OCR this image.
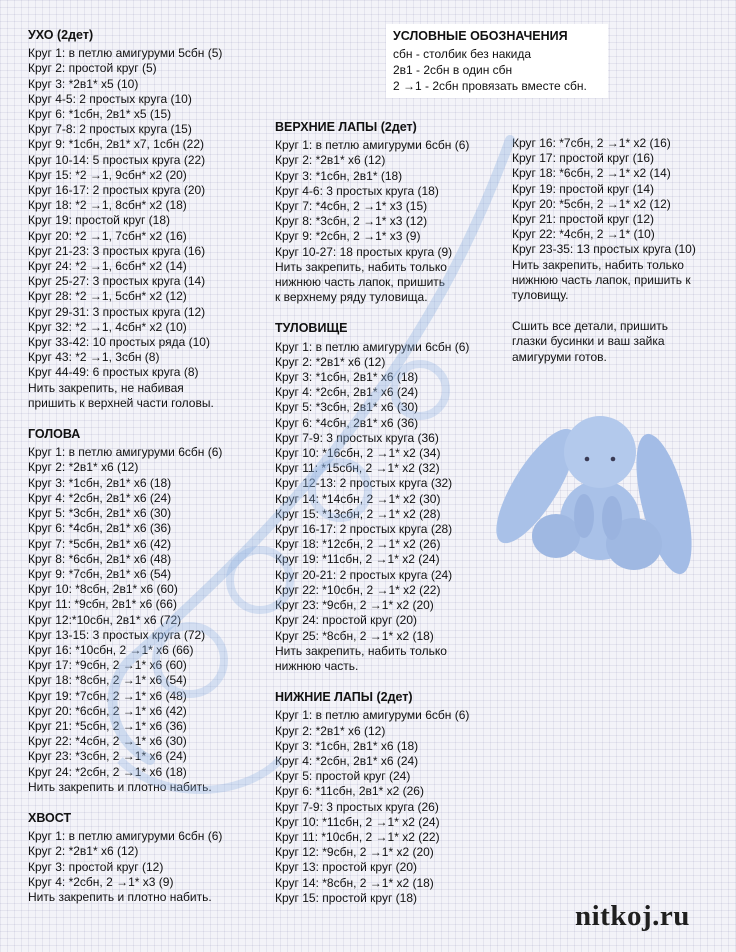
УХО (2дет)
Круг 1: в петлю амигуруми 5сбн (5)
Круг 2: простой круг (5)
Круг 3: *2в1* х5 (10)
Круг 4-5: 2 простых круга (10)
Круг 6: *1сбн, 2в1* х5 (15)
Круг 7-8: 2 простых круга (15)
Круг 9: *1сбн, 2в1* х7, 1сбн (22)
Круг 10-14: 5 простых круга (22)
Круг 15: *2 →1, 9сбн* х2 (20)
Круг 16-17: 2 простых круга (20)
Круг 18: *2 →1, 8сбн* х2 (18)
Круг 19: простой круг (18)
Круг 20: *2 →1, 7сбн* х2 (16)
Круг 21-23: 3 простых круга (16)
Круг 24: *2 →1, 6сбн* х2 (14)
Круг 25-27: 3 простых круга (14)
Круг 28: *2 →1, 5сбн* х2 (12)
Круг 29-31: 3 простых круга (12)
Круг 32: *2 →1, 4сбн* х2 (10)
Круг 33-42: 10 простых ряда (10)
Круг 43: *2 →1, 3сбн (8)
Круг 44-49: 6 простых круга (8)
Нить закрепить, не набивая
пришить к верхней части головы.
ГОЛОВА
Круг 1: в петлю амигуруми 6сбн (6)
Круг 2: *2в1* х6 (12)
Круг 3: *1сбн, 2в1* х6 (18)
Круг 4: *2сбн, 2в1* х6 (24)
Круг 5: *3сбн, 2в1* х6 (30)
Круг 6: *4сбн, 2в1* х6 (36)
Круг 7: *5сбн, 2в1* х6 (42)
Круг 8: *6сбн, 2в1* х6 (48)
Круг 9: *7сбн, 2в1* х6 (54)
Круг 10: *8сбн, 2в1* х6 (60)
Круг 11: *9сбн, 2в1* х6 (66)
Круг 12:*10сбн, 2в1* х6 (72)
Круг 13-15: 3 простых круга (72)
Круг 16: *10сбн, 2 →1* х6 (66)
Круг 17: *9сбн, 2 →1* х6 (60)
Круг 18: *8сбн, 2 →1* х6 (54)
Круг 19: *7сбн, 2 →1* х6 (48)
Круг 20: *6сбн, 2 →1* х6 (42)
Круг 21: *5сбн, 2 →1* х6 (36)
Круг 22: *4сбн, 2 →1* х6 (30)
Круг 23: *3сбн, 2 →1* х6 (24)
Круг 24: *2сбн, 2 →1* х6 (18)
Нить закрепить и плотно набить.
ХВОСТ
Круг 1: в петлю амигуруми 6сбн (6)
Круг 2: *2в1* х6 (12)
Круг 3: простой круг (12)
Круг 4: *2сбн, 2 →1* х3 (9)
Нить закрепить и плотно набить.
УСЛОВНЫЕ ОБОЗНАЧЕНИЯ
сбн - столбик без накида
2в1 - 2сбн в один сбн
2 →1 - 2сбн провязать вместе сбн.
ВЕРХНИЕ ЛАПЫ (2дет)
Круг 1: в петлю амигуруми 6сбн (6)
Круг 2: *2в1* х6 (12)
Круг 3: *1сбн, 2в1* (18)
Круг 4-6: 3 простых круга (18)
Круг 7: *4сбн, 2 →1* х3 (15)
Круг 8: *3сбн, 2 →1* х3 (12)
Круг 9: *2сбн, 2 →1* х3 (9)
Круг 10-27: 18 простых круга (9)
Нить закрепить, набить только
нижнюю часть лапок, пришить
к верхнему ряду туловища.
ТУЛОВИЩЕ
Круг 1: в петлю амигуруми 6сбн (6)
Круг 2: *2в1* х6 (12)
Круг 3: *1сбн, 2в1* х6 (18)
Круг 4: *2сбн, 2в1* х6 (24)
Круг 5: *3сбн, 2в1* х6 (30)
Круг 6: *4сбн, 2в1* х6 (36)
Круг 7-9: 3 простых круга (36)
Круг 10: *16сбн, 2 →1* х2 (34)
Круг 11: *15сбн, 2 →1* х2 (32)
Круг 12-13: 2 простых круга (32)
Круг 14: *14сбн, 2 →1* х2 (30)
Круг 15: *13сбн, 2 →1* х2 (28)
Круг 16-17: 2 простых круга (28)
Круг 18: *12сбн, 2 →1* х2 (26)
Круг 19: *11сбн, 2 →1* х2 (24)
Круг 20-21: 2 простых круга (24)
Круг 22: *10сбн, 2 →1* х2 (22)
Круг 23: *9сбн, 2 →1* х2 (20)
Круг 24: простой круг (20)
Круг 25: *8сбн, 2 →1* х2 (18)
Нить закрепить, набить только
нижнюю часть.
НИЖНИЕ ЛАПЫ (2дет)
Круг 1: в петлю амигуруми 6сбн (6)
Круг 2: *2в1* х6 (12)
Круг 3: *1сбн, 2в1* х6 (18)
Круг 4: *2сбн, 2в1* х6 (24)
Круг 5: простой круг (24)
Круг 6: *11сбн, 2в1* х2 (26)
Круг 7-9: 3 простых круга (26)
Круг 10: *11сбн, 2 →1* х2 (24)
Круг 11: *10сбн, 2 →1* х2 (22)
Круг 12: *9сбн, 2 →1* х2 (20)
Круг 13: простой круг (20)
Круг 14: *8сбн, 2 →1* х2 (18)
Круг 15: простой круг (18)
Круг 16: *7сбн, 2 →1* х2 (16)
Круг 17: простой круг (16)
Круг 18: *6сбн, 2 →1* х2 (14)
Круг 19: простой круг (14)
Круг 20: *5сбн, 2 →1* х2 (12)
Круг 21: простой круг (12)
Круг 22: *4сбн, 2 →1* (10)
Круг 23-35: 13 простых круга (10)
Нить закрепить, набить только
нижнюю часть лапок, пришить к
туловищу.
Сшить все детали, пришить
глазки бусинки и ваш зайка
амигуруми готов.
nitkoj.ru
